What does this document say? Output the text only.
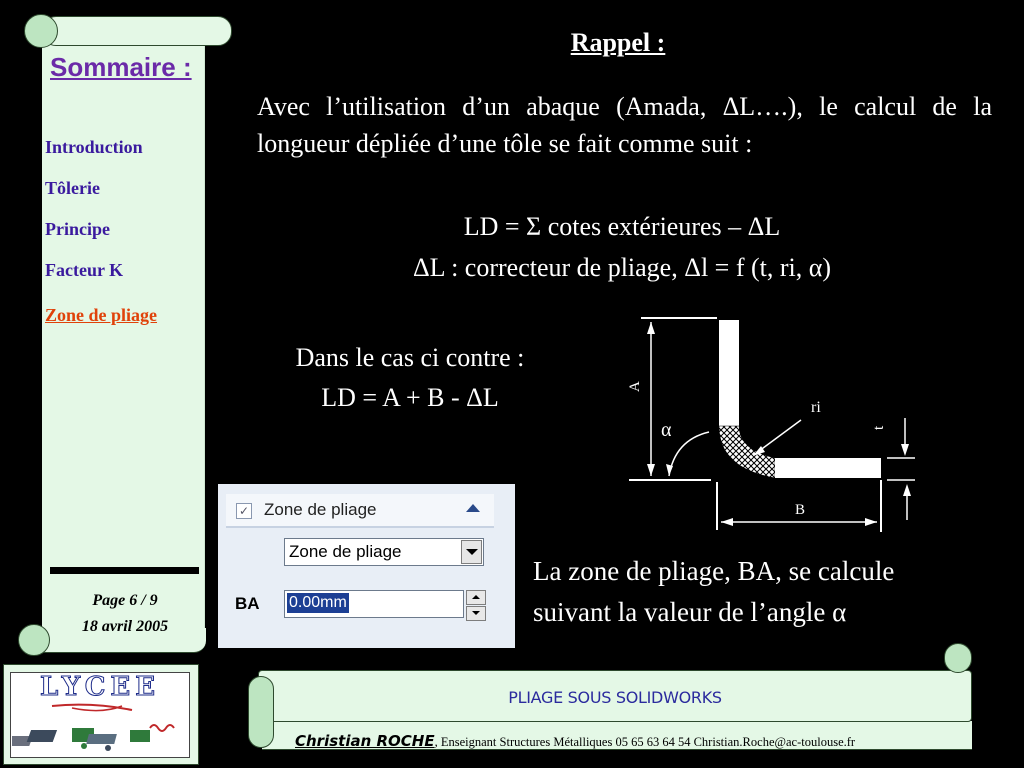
Sommaire :
Introduction
Tôlerie
Principe
Facteur K
Zone de pliage
Page 6 / 9
18 avril 2005
Rappel :
Avec l’utilisation d’un abaque (Amada, ΔL….), le calcul de la longueur dépliée d’une tôle se fait comme suit :
LD = Σ cotes extérieures – ΔL
ΔL : correcteur de pliage, Δl = f (t, ri, α)
Dans le cas ci contre :
LD = A + B - ΔL
La zone de pliage, BA, se calcule
suivant la valeur de l’angle α
A
α
ri
t
B
✓ Zone de pliage
Zone de pliage
BA 0.00mm
LYCEE	PLIAGE SOUS SOLIDWORKS
Christian ROCHE, Enseignant Structures Métalliques 05 65 63 64 54 Christian.Roche@ac-toulouse.fr
